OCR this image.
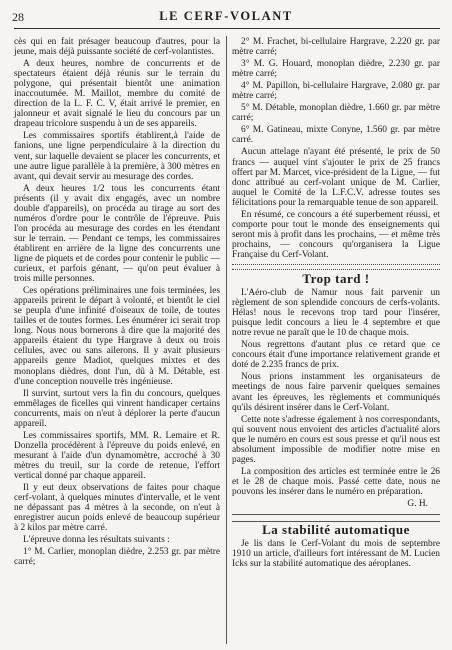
28	LE CERF-VOLANT

cès qui en fait présager beaucoup d'autres, pour la jeune, mais déjà puissante société de cerf-volantistes.

A deux heures, nombre de concurrents et de spectateurs étaient déjà réunis sur le terrain du polygone, qui présentait bientôt une animation inaccoutumée. M. Maillot, membre du comité de direction de la L. F. C. V, était arrivé le premier, en jalonneur et avait signalé le lieu du concours par un drapeau tricolore suspendu à un de ses appareils.

Les commissaires sportifs établirent,à l'aide de fanions, une ligne perpendiculaire à la direction du vent, sur laquelle devaient se placer les concurrents, et une autre ligue parallèle à la première, à 300 mètres en avant, qui devait servir au mesurage des cordes.

A deux heures 1/2 tous les concurrents étant présents (il y avait dix engagés, avec un nombre double d'appareils), on procéda au tirage au sort des numéros d'ordre pour le contrôle de l'épreuve. Puis l'on procéda au mesurage des cordes en les étendant sur le terrain. — Pendant ce temps, les commissaires établirent en arrière de la ligne des concurrents une ligne de piquets et de cordes pour contenir le public — curieux, et parfois génant, — qu'on peut évaluer à trois mille personnes.

Ces opérations préliminaires une fois terminées, les appareils prirent le départ à volonté, et bientôt le ciel se peupla d'une infinité d'oiseaux de toile, de toutes tailles et de toutes formes. Les énumérer ici serait trop long. Nous nous bornerons à dire que la majorité des appareils étaient du type Hargrave à deux ou trois cellules, avec ou sans ailerons. Il y avait plusieurs appareils genre Madiot, quelques mixtes et des monoplans dièdres, dont l'un, dû à M. Détable, est d'une conception nouvelle très ingénieuse.

Il survint, surtout vers la fin du concours, quelques emmêlages de ficelles qui vinrent handicaper certains concurrents, mais on n'eut à déplorer la perte d'aucun appareil.

Les commissaires sportifs, MM. R. Lemaire et R. Donzella procédèrent à l'épreuve du poids enlevé, en mesurant à l'aide d'un dynamomètre, accroché à 30 mètres du treuil, sur la corde de retenue, l'effort vertical donné par chaque appareil.

Il y eut deux observations de faites pour chaque cerf-volant, à quelques minutes d'intervalle, et le vent ne dépassant pas 4 mètres à la seconde, on n'eut à enregistrer aucun poids enlevé de beaucoup supérieur à 2 kilos par mètre carré.

L'épreuve donna les résultats suivants :

1° M. Carlier, monoplan dièdre, 2.253 gr. par mètre carré;

2° M. Frachet, bi-cellulaire Hargrave, 2.220 gr. par mètre carré;

3° M. G. Houard, monoplan dièdre, 2.230 gr. par mètre carré;

4° M. Papillon, bi-cellulaire Hargrave, 2.080 gr. par mètre carré;

5° M. Détable, monoplan dièdre, 1.660 gr. par mètre carré;

6° M. Gatineau, mixte Conyne, 1.560 gr. par mètre carré.

Aucun attelage n'ayant été présenté, le prix de 50 francs — auquel vint s'ajouter le prix de 25 francs offert par M. Marcet, vice-président de la Ligue, — fut donc attribué au cerf-volant unique de M. Carlier, auquel le Comité de la L.F.C.V. adresse toutes ses félicitations pour la remarquable tenue de son appareil.

En résumé, ce concours a été superbement réussi, et comporte pour tout le monde des enseignements qui seront mis à profit dans les prochains, — et même très prochains, — concours qu'organisera la Ligue Française du Cerf-Volant.

Trop tard !

L'Aéro-club de Namur nous fait parvenir un règlement de son splendide concours de cerfs-volants. Hélas! nous le recevons trop tard pour l'insérer, puisque ledit concours a lieu le 4 septembre et que notre revue ne paraît que le 10 de chaque mois.

Nous regrettons d'autant plus ce retard que ce concours était d'une importance relativement grande et doté de 2.235 francs de prix.

Nous prions instamment les organisateurs de meetings de nous faire parvenir quelques semaines avant les épreuves, les règlements et communiqués qu'ils désirent insérer dans le Cerf-Volant.

Cette note s'adresse également à nos correspondants, qui souvent nous envoient des articles d'actualité alors que le numéro en cours est sous presse et qu'il nous est absolument impossible de modifier notre mise en pages.

La composition des articles est terminée entre le 26 et le 28 de chaque mois. Passé cette date, nous ne pouvons les insérer dans le numéro en préparation.

G. H.
La stabilité automatique

Je lis dans le Cerf-Volant du mois de septembre 1910 un article, d'ailleurs fort intéressant de M. Lucien Icks sur la stabilité automatique des aéroplanes.
